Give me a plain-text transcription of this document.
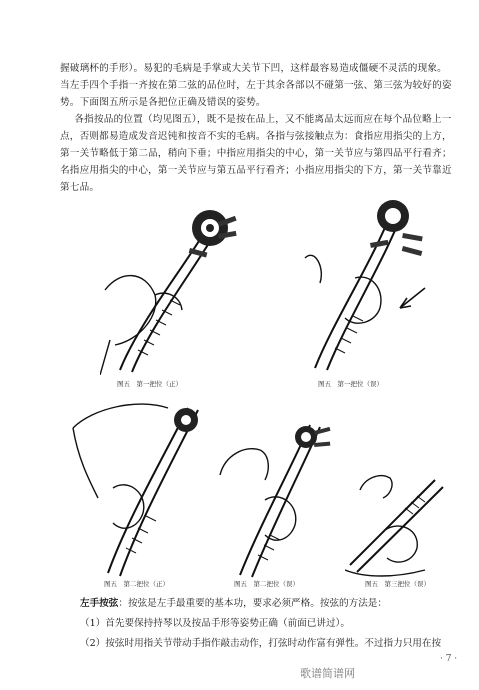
握破璃杯的手形）。易犯的毛病是手掌或大关节下凹，这样最容易造成僵硬不灵活的现象。

当左手四个手指一齐按在第二弦的品位时，左于其余各部以不碰第一弦、第三弦为较好的姿势。下面图五所示是各把位正确及错误的姿势。

各指按品的位置（均见图五），既不是按在品上，又不能离品太远而应在每个品位略上一点，否则都易造成发音迟钝和按音不实的毛病。各指与弦接触点为：食指应用指尖的上方，第一关节略低于第二品，稍向下垂；中指应用指尖的中心，第一关节应与第四品平行看齐；名指应用指尖的中心，第一关节应与第五品平行看齐；小指应用指尖的下方，第一关节靠近第七品。

图五　第一把位（正）	图五　第一把位（误）
图五　第二把位（正）	图五　第二把位（误）	图五　第三把位（误）
左手按弦：按弦是左手最重要的基本功，要求必须严格。按弦的方法是：
（1）首先要保持持琴以及按品手形等姿势正确（前面已讲过）。
（2）按弦时用指关节带动手指作敲击动作，打弦时动作富有弹性。不过指力只用在按
· 7 ·
歌谱简谱网
